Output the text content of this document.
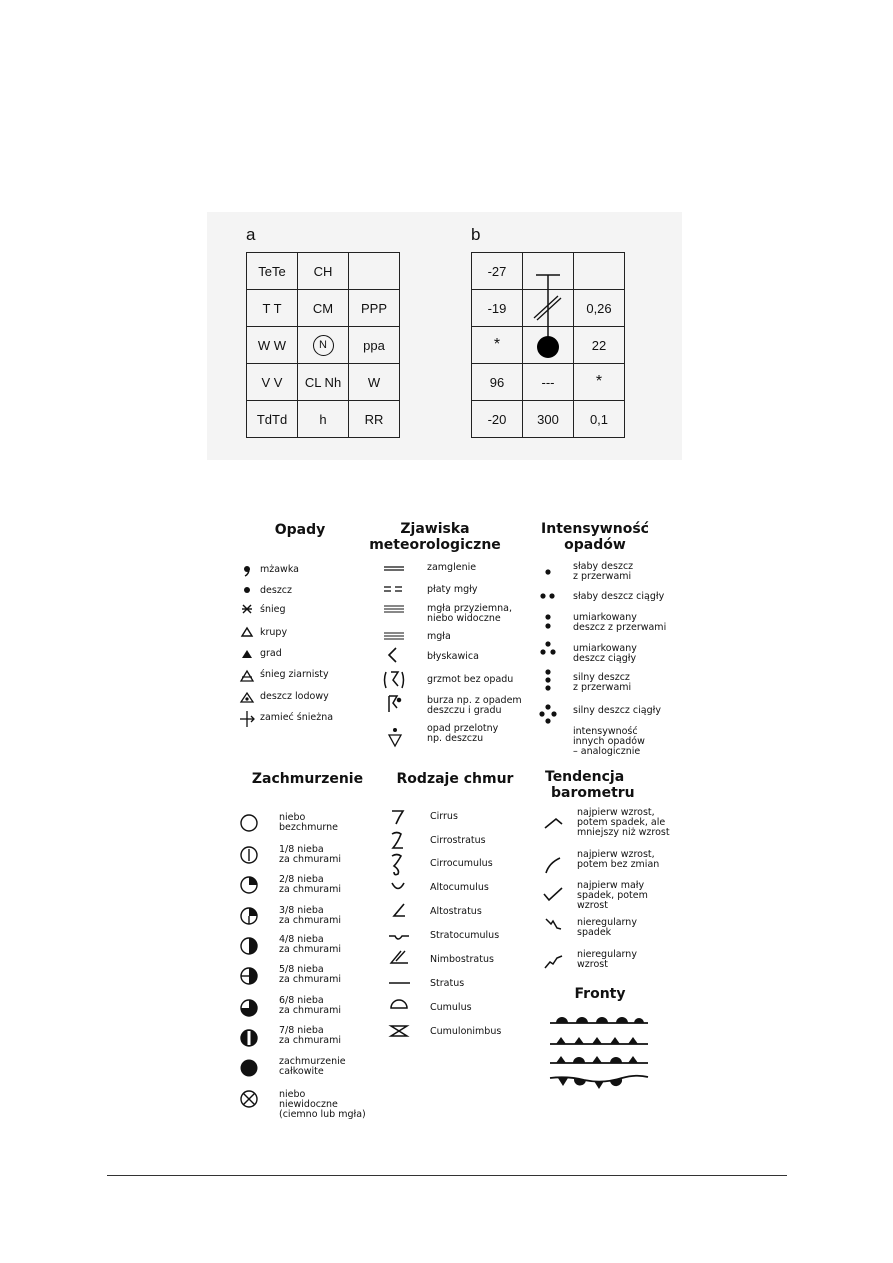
a	b
TeTe	CH	
T T	CM	PPP
W W	N	ppa
V V	CL Nh	W
TdTd	h	RR
-27		
-19		0,26
*		22
96	---	*
-20	300	0,1
Opady
mżawka
deszcz
śnieg
krupy
grad
śnieg ziarnisty
deszcz lodowy
zamieć śnieżna
Zjawiska
meteorologiczne
zamglenie
płaty mgły
mgła przyziemna,
niebo widoczne
mgła
błyskawica
grzmot bez opadu
burza np. z opadem
deszczu i gradu
opad przelotny
np. deszczu
Intensywność
opadów
słaby deszcz
z przerwami
słaby deszcz ciągły
umiarkowany
deszcz z przerwami
umiarkowany
deszcz ciągły
silny deszcz
z przerwami
silny deszcz ciągły
intensywność
innych opadów
– analogicznie
Zachmurzenie
niebo
bezchmurne
1/8 nieba
za chmurami
2/8 nieba
za chmurami
3/8 nieba
za chmurami
4/8 nieba
za chmurami
5/8 nieba
za chmurami
6/8 nieba
za chmurami
7/8 nieba
za chmurami
zachmurzenie
całkowite
niebo
niewidoczne
(ciemno lub mgła)
Rodzaje chmur
Cirrus
Cirrostratus
Cirrocumulus
Altocumulus
Altostratus
Stratocumulus
Nimbostratus
Stratus
Cumulus
Cumulonimbus
Tendencja
barometru
najpierw wzrost,
potem spadek, ale
mniejszy niż wzrost
najpierw wzrost,
potem bez zmian
najpierw mały
spadek, potem
wzrost
nieregularny
spadek
nieregularny
wzrost
Fronty
